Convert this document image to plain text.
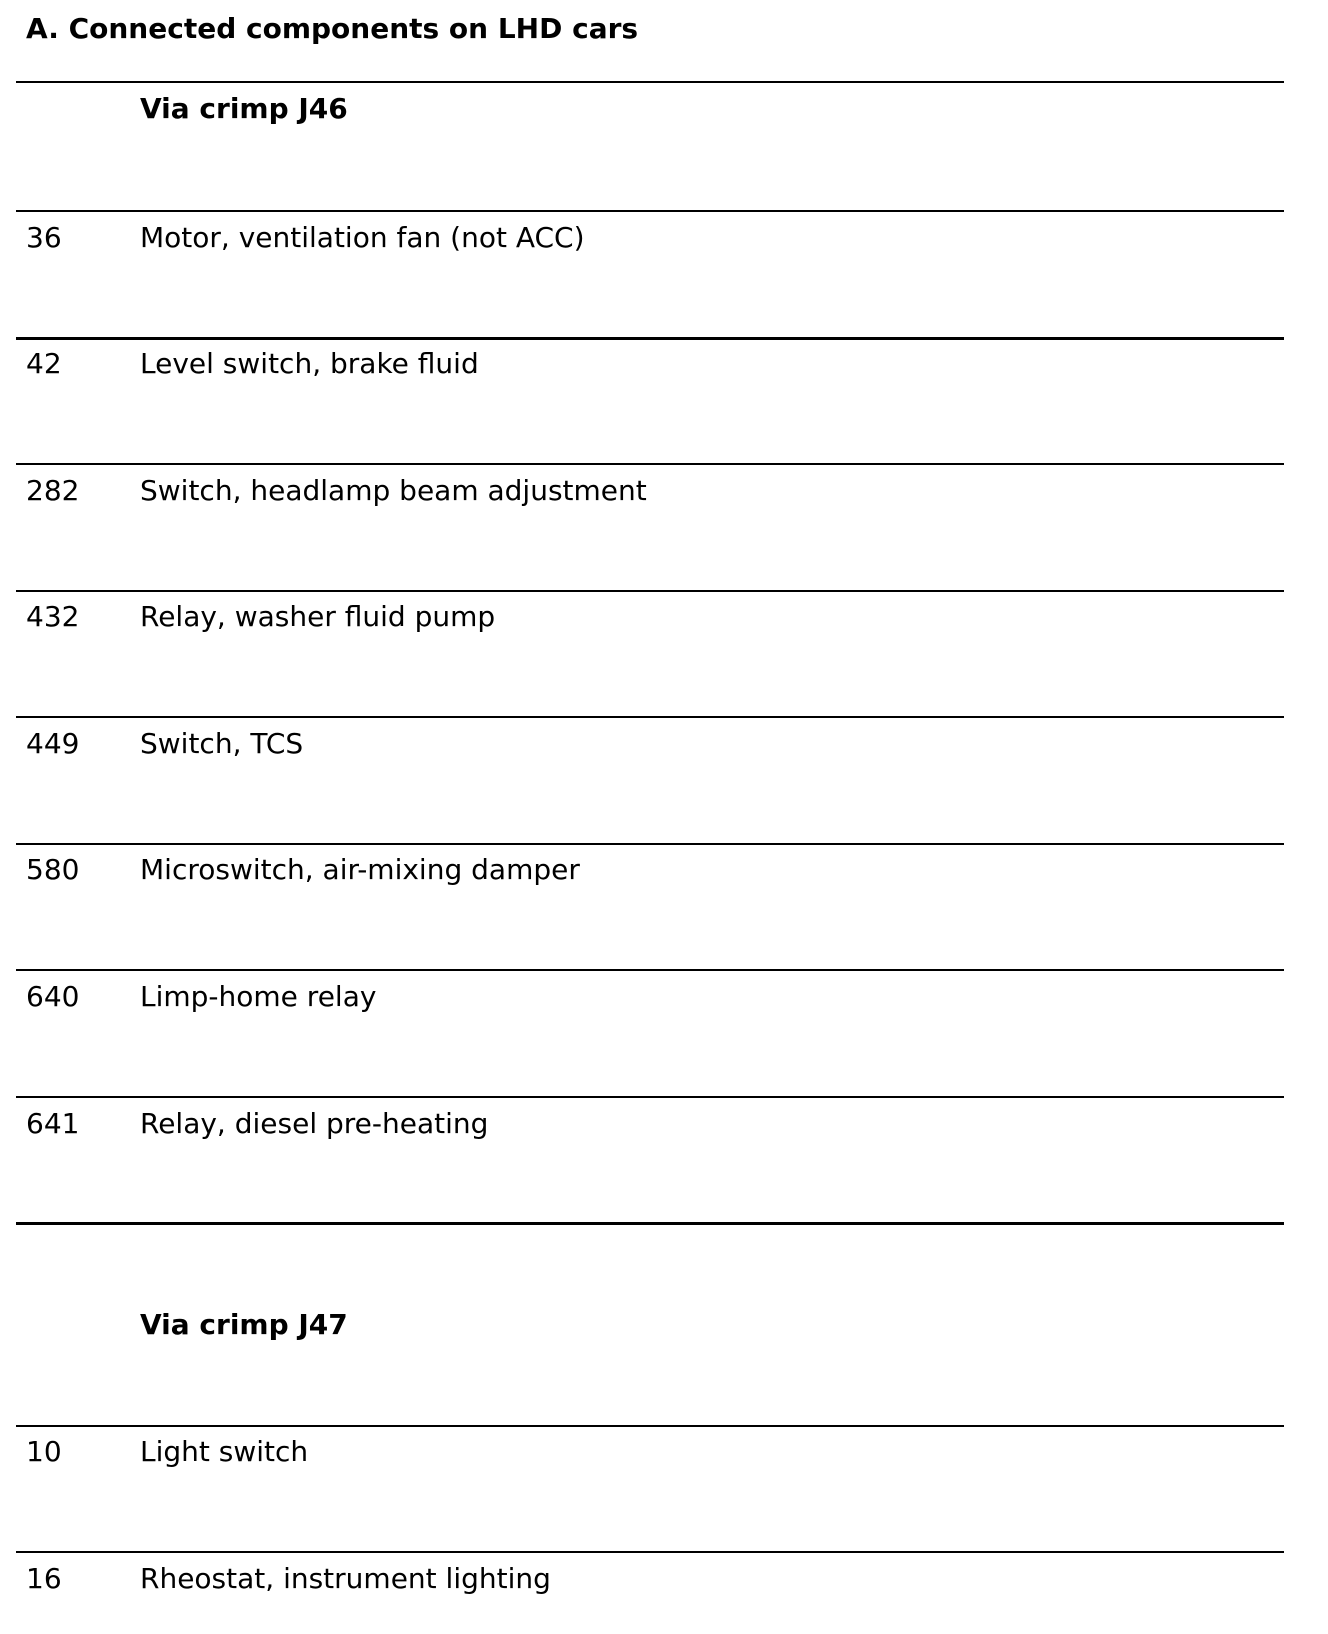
A. Connected components on LHD cars
Via crimp J46
36	Motor, ventilation fan (not ACC)
42	Level switch, brake fluid
282 Switch, headlamp beam adjustment
432 Relay, washer fluid pump
449 Switch, TCS
580 Microswitch, air-mixing damper
640 Limp-home relay
641 Relay, diesel pre-heating
Via crimp J47
10	Light switch
16	Rheostat, instrument lighting
